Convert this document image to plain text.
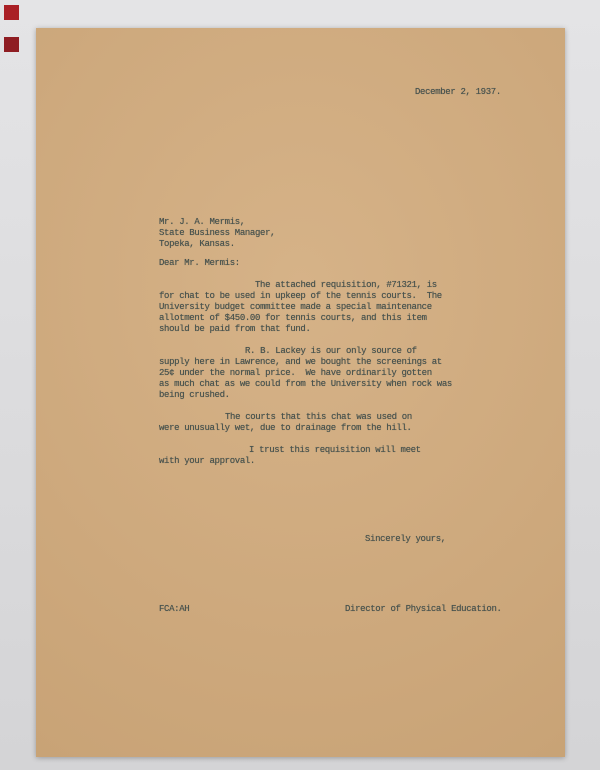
December 2, 1937.
Mr. J. A. Mermis,
State Business Manager,
Topeka, Kansas.
Dear Mr. Mermis:
The attached requisition, #71321, is
for chat to be used in upkeep of the tennis courts.  The
University budget committee made a special maintenance
allotment of $450.00 for tennis courts, and this item
should be paid from that fund.
R. B. Lackey is our only source of
supply here in Lawrence, and we bought the screenings at
25¢ under the normal price.  We have ordinarily gotten
as much chat as we could from the University when rock was
being crushed.
The courts that this chat was used on
were unusually wet, due to drainage from the hill.
I trust this requisition will meet
with your approval.
Sincerely yours,
FCA:AH	Director of Physical Education.
